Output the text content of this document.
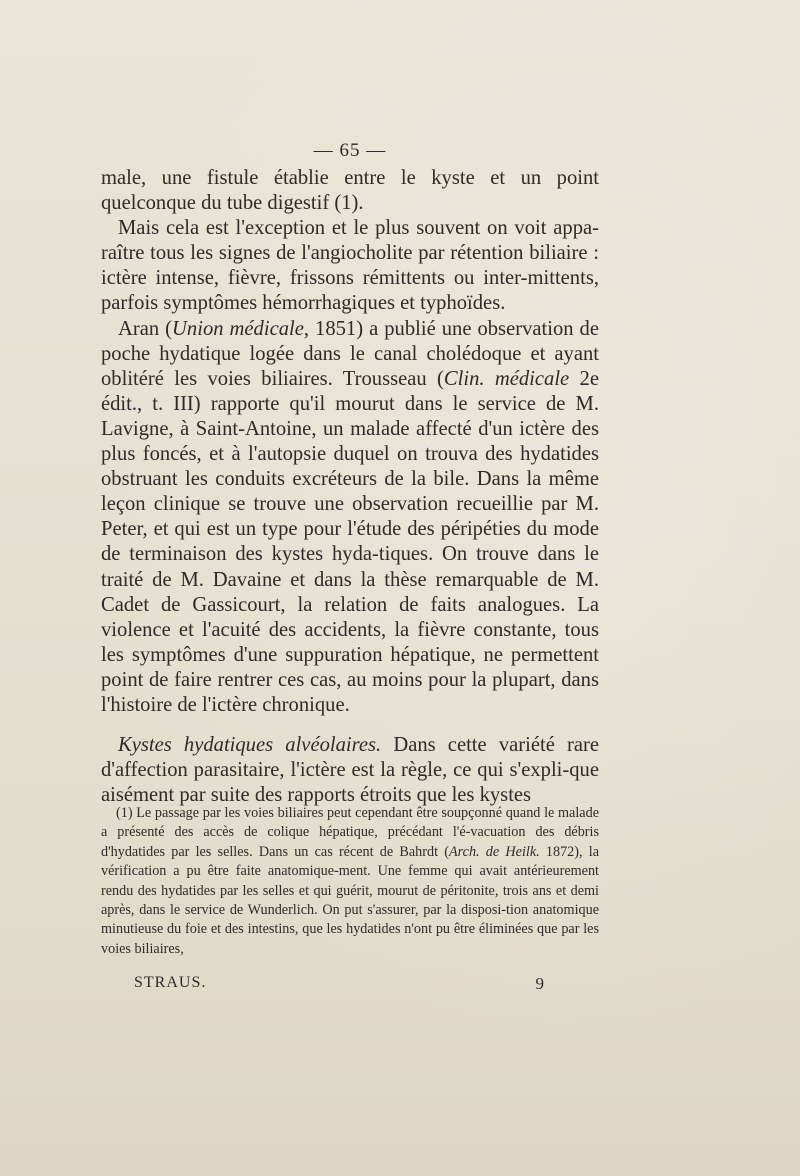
— 65 —

male, une fistule établie entre le kyste et un point quelconque du tube digestif (1).

Mais cela est l'exception et le plus souvent on voit appa-raître tous les signes de l'angiocholite par rétention biliaire : ictère intense, fièvre, frissons rémittents ou inter-mittents, parfois symptômes hémorrhagiques et typhoïdes.

Aran (Union médicale, 1851) a publié une observation de poche hydatique logée dans le canal cholédoque et ayant oblitéré les voies biliaires. Trousseau (Clin. médicale 2e édit., t. III) rapporte qu'il mourut dans le service de M. Lavigne, à Saint-Antoine, un malade affecté d'un ictère des plus foncés, et à l'autopsie duquel on trouva des hydatides obstruant les conduits excréteurs de la bile. Dans la même leçon clinique se trouve une observation recueillie par M. Peter, et qui est un type pour l'étude des péripéties du mode de terminaison des kystes hyda-tiques. On trouve dans le traité de M. Davaine et dans la thèse remarquable de M. Cadet de Gassicourt, la relation de faits analogues. La violence et l'acuité des accidents, la fièvre constante, tous les symptômes d'une suppuration hépatique, ne permettent point de faire rentrer ces cas, au moins pour la plupart, dans l'histoire de l'ictère chronique.

Kystes hydatiques alvéolaires. Dans cette variété rare d'affection parasitaire, l'ictère est la règle, ce qui s'expli-que aisément par suite des rapports étroits que les kystes

(1) Le passage par les voies biliaires peut cependant être soupçonné quand le malade a présenté des accès de colique hépatique, précédant l'é-vacuation des débris d'hydatides par les selles. Dans un cas récent de Bahrdt (Arch. de Heilk. 1872), la vérification a pu être faite anatomique-ment. Une femme qui avait antérieurement rendu des hydatides par les selles et qui guérit, mourut de péritonite, trois ans et demi après, dans le service de Wunderlich. On put s'assurer, par la disposi-tion anatomique minutieuse du foie et des intestins, que les hydatides n'ont pu être éliminées que par les voies biliaires,

STRAUS.	9
